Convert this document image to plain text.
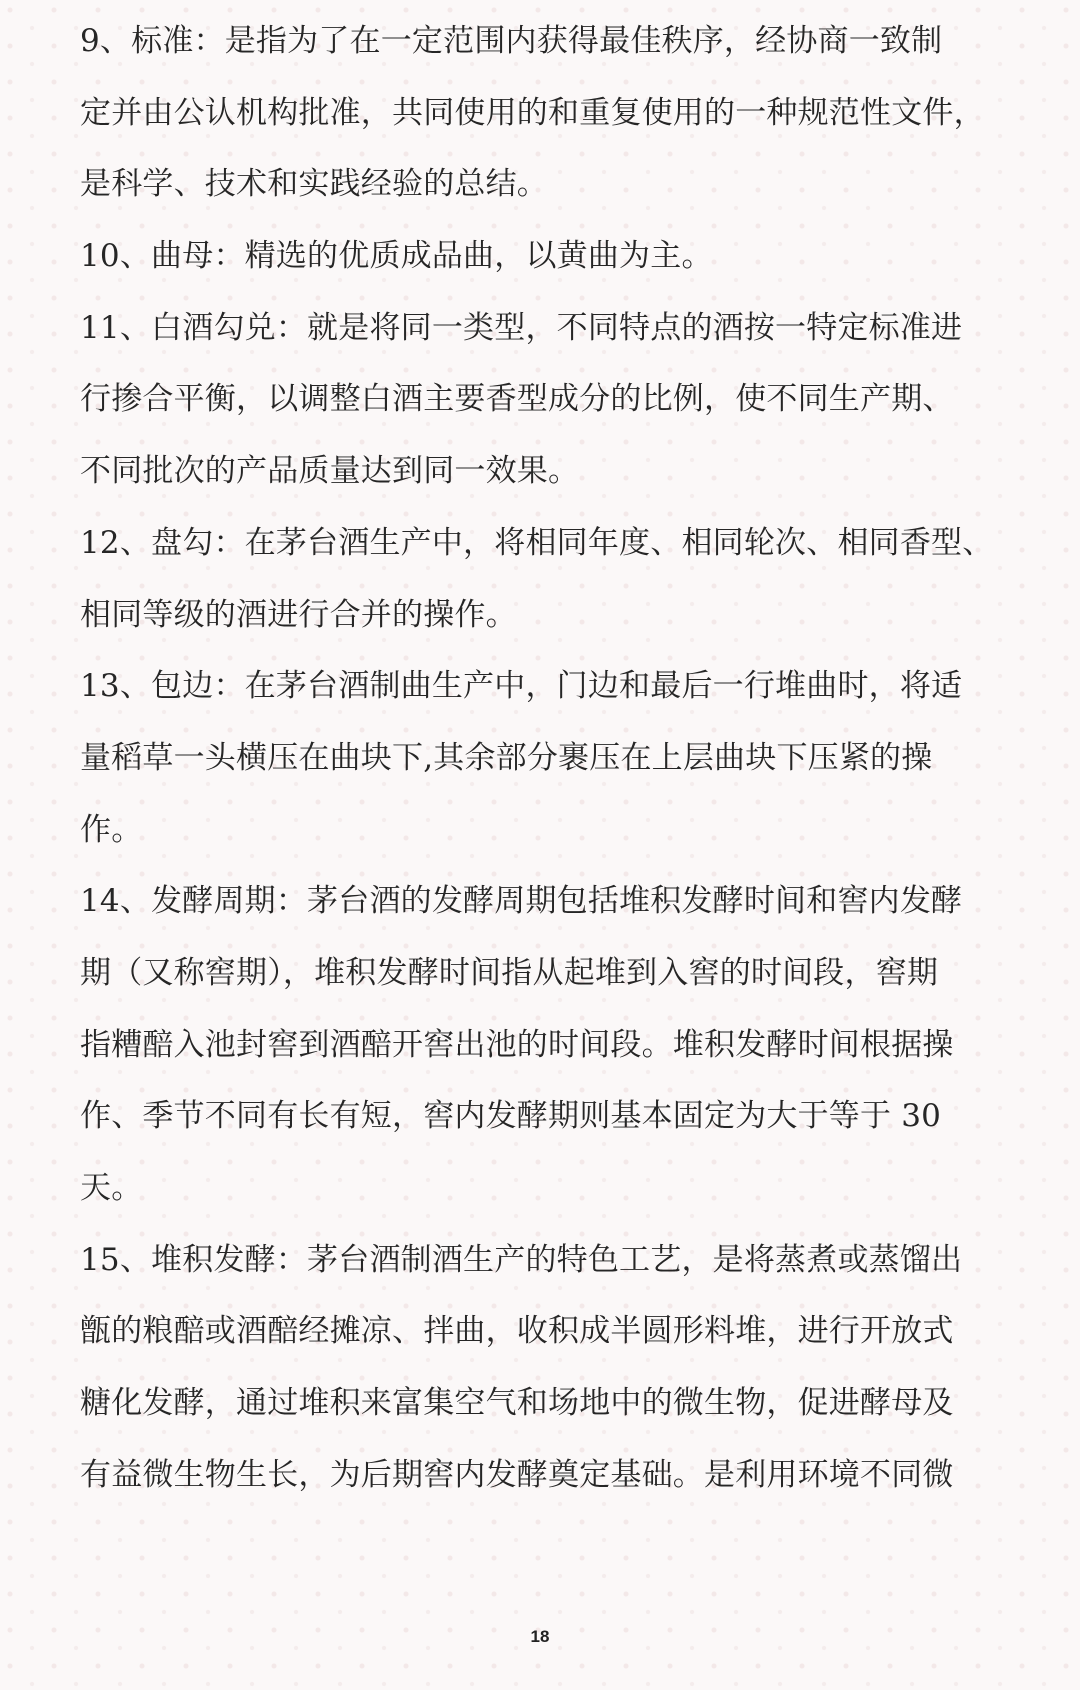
9、标准：是指为了在一定范围内获得最佳秩序，经协商一致制
定并由公认机构批准，共同使用的和重复使用的一种规范性文件，
是科学、技术和实践经验的总结。
10、曲母：精选的优质成品曲，以黄曲为主。
11、白酒勾兑：就是将同一类型，不同特点的酒按一特定标准进
行掺合平衡，以调整白酒主要香型成分的比例，使不同生产期、
不同批次的产品质量达到同一效果。
12、盘勾：在茅台酒生产中，将相同年度、相同轮次、相同香型、
相同等级的酒进行合并的操作。
13、包边：在茅台酒制曲生产中，门边和最后一行堆曲时，将适
量稻草一头横压在曲块下,其余部分裹压在上层曲块下压紧的操
作。
14、发酵周期：茅台酒的发酵周期包括堆积发酵时间和窖内发酵
期（又称窖期），堆积发酵时间指从起堆到入窖的时间段，窖期
指糟醅入池封窖到酒醅开窖出池的时间段。堆积发酵时间根据操
作、季节不同有长有短，窖内发酵期则基本固定为大于等于 30
天。
15、堆积发酵：茅台酒制酒生产的特色工艺，是将蒸煮或蒸馏出
甑的粮醅或酒醅经摊凉、拌曲，收积成半圆形料堆，进行开放式
糖化发酵，通过堆积来富集空气和场地中的微生物，促进酵母及
有益微生物生长，为后期窖内发酵奠定基础。是利用环境不同微
18
